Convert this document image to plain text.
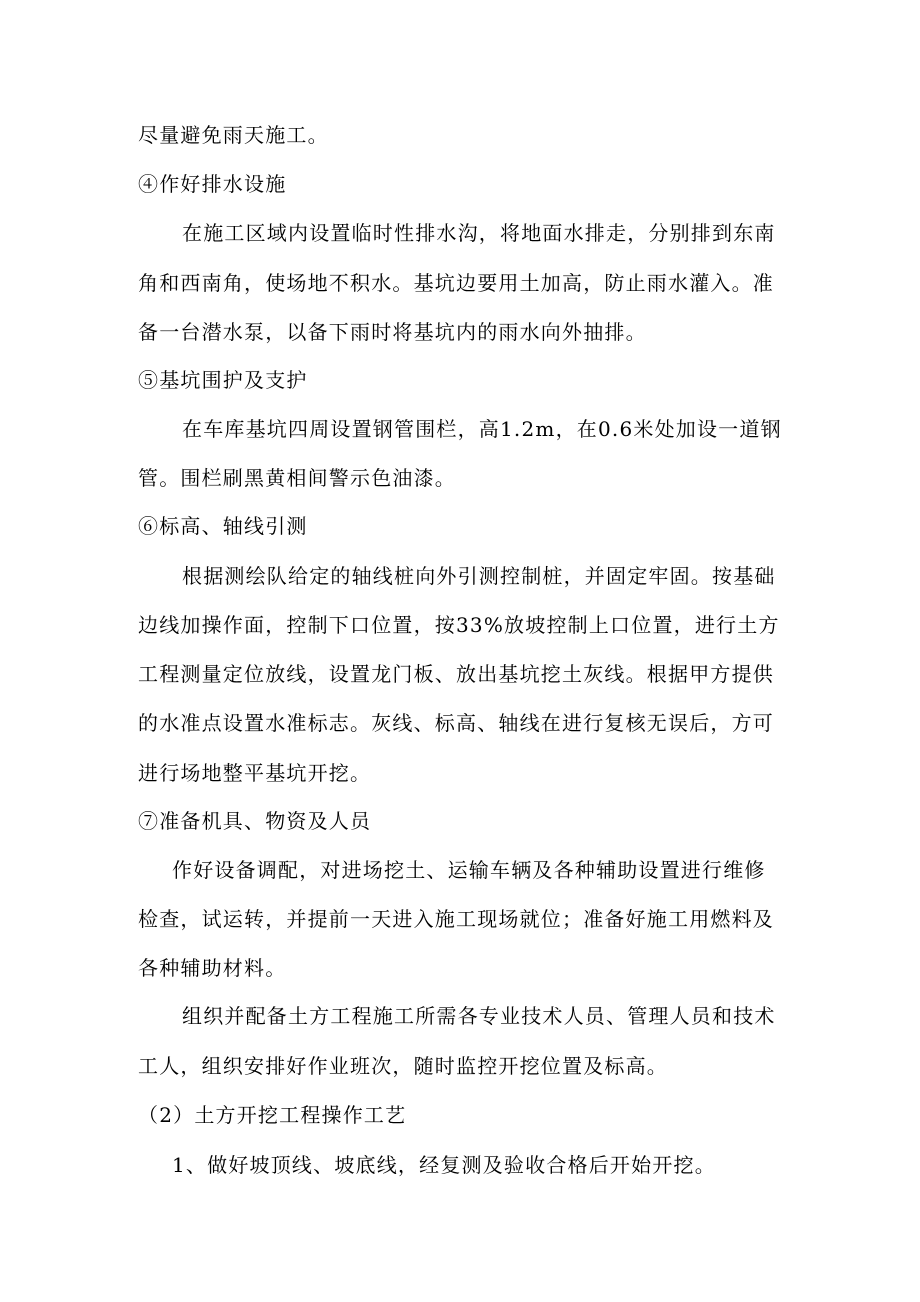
尽量避免雨天施工。
④作好排水设施
在施工区域内设置临时性排水沟，将地面水排走，分别排到东南
角和西南角，使场地不积水。基坑边要用土加高，防止雨水灌入。准
备一台潜水泵，以备下雨时将基坑内的雨水向外抽排。
⑤基坑围护及支护
在车库基坑四周设置钢管围栏，高1.2m，在0.6米处加设一道钢
管。围栏刷黑黄相间警示色油漆。
⑥标高、轴线引测
根据测绘队给定的轴线桩向外引测控制桩，并固定牢固。按基础
边线加操作面，控制下口位置，按33%放坡控制上口位置，进行土方
工程测量定位放线，设置龙门板、放出基坑挖土灰线。根据甲方提供
的水准点设置水准标志。灰线、标高、轴线在进行复核无误后，方可
进行场地整平基坑开挖。
⑦准备机具、物资及人员
作好设备调配，对进场挖土、运输车辆及各种辅助设置进行维修
检查，试运转，并提前一天进入施工现场就位；准备好施工用燃料及
各种辅助材料。
组织并配备土方工程施工所需各专业技术人员、管理人员和技术
工人，组织安排好作业班次，随时监控开挖位置及标高。
（2）土方开挖工程操作工艺
1、做好坡顶线、坡底线，经复测及验收合格后开始开挖。
